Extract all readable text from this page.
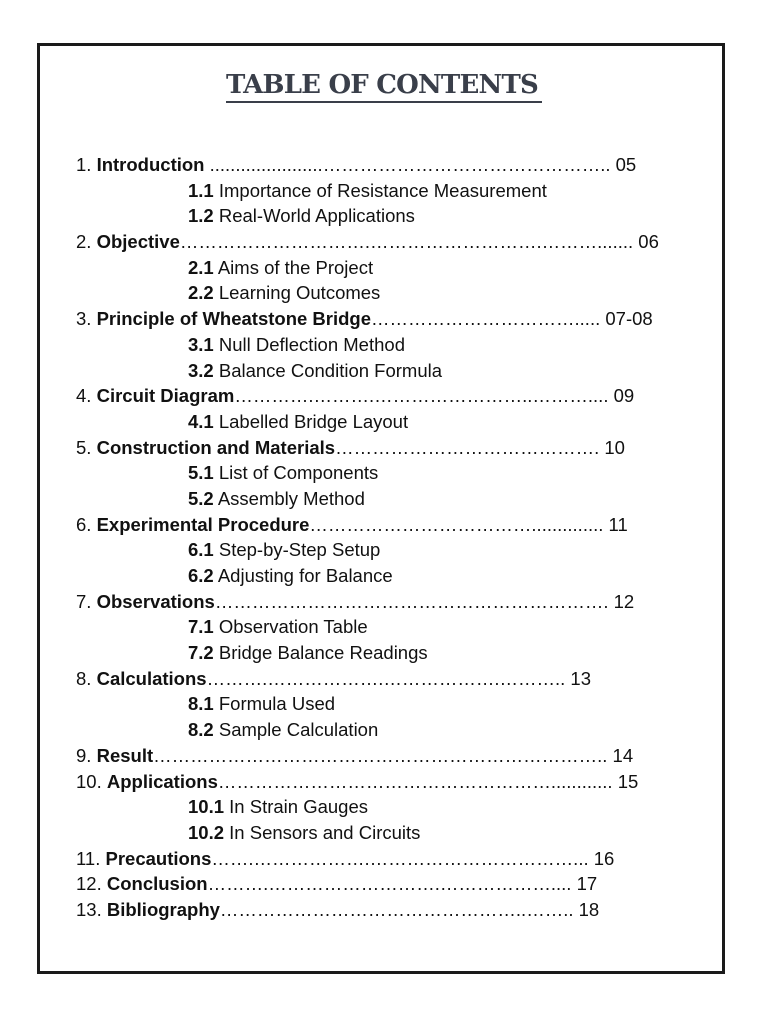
TABLE OF CONTENTS
1. Introduction ......................……………………………………….. 05
1.1 Importance of Resistance Measurement
1.2 Real-World Applications
2. Objective………………………….……………………….………....... 06
2.1 Aims of the Project
2.2 Learning Outcomes
3. Principle of Wheatstone Bridge……………………………..... 07-08
3.1 Null Deflection Method
3.2 Balance Condition Formula
4. Circuit Diagram………….……….……………………..……….... 09
4.1 Labelled Bridge Layout
5. Construction and Materials……………………………………. 10
5.1 List of Components
5.2 Assembly Method
6. Experimental Procedure……………………………….............. 11
6.1 Step-by-Step Setup
6.2 Adjusting for Balance
7. Observations………………………………………………………. 12
7.1 Observation Table
7.2 Bridge Balance Readings
8. Calculations……….……………….……………….……….. 13
8.1 Formula Used
8.2 Sample Calculation
9. Result……………………………………………………………….. 14
10. Applications………………………………………………............ 15
10.1 In Strain Gauges
10.2 In Sensors and Circuits
11. Precautions…….……………….……………………………... 16
12. Conclusion……….……………………….……………….... 17
13. Bibliography…………………………………………..…….. 18
